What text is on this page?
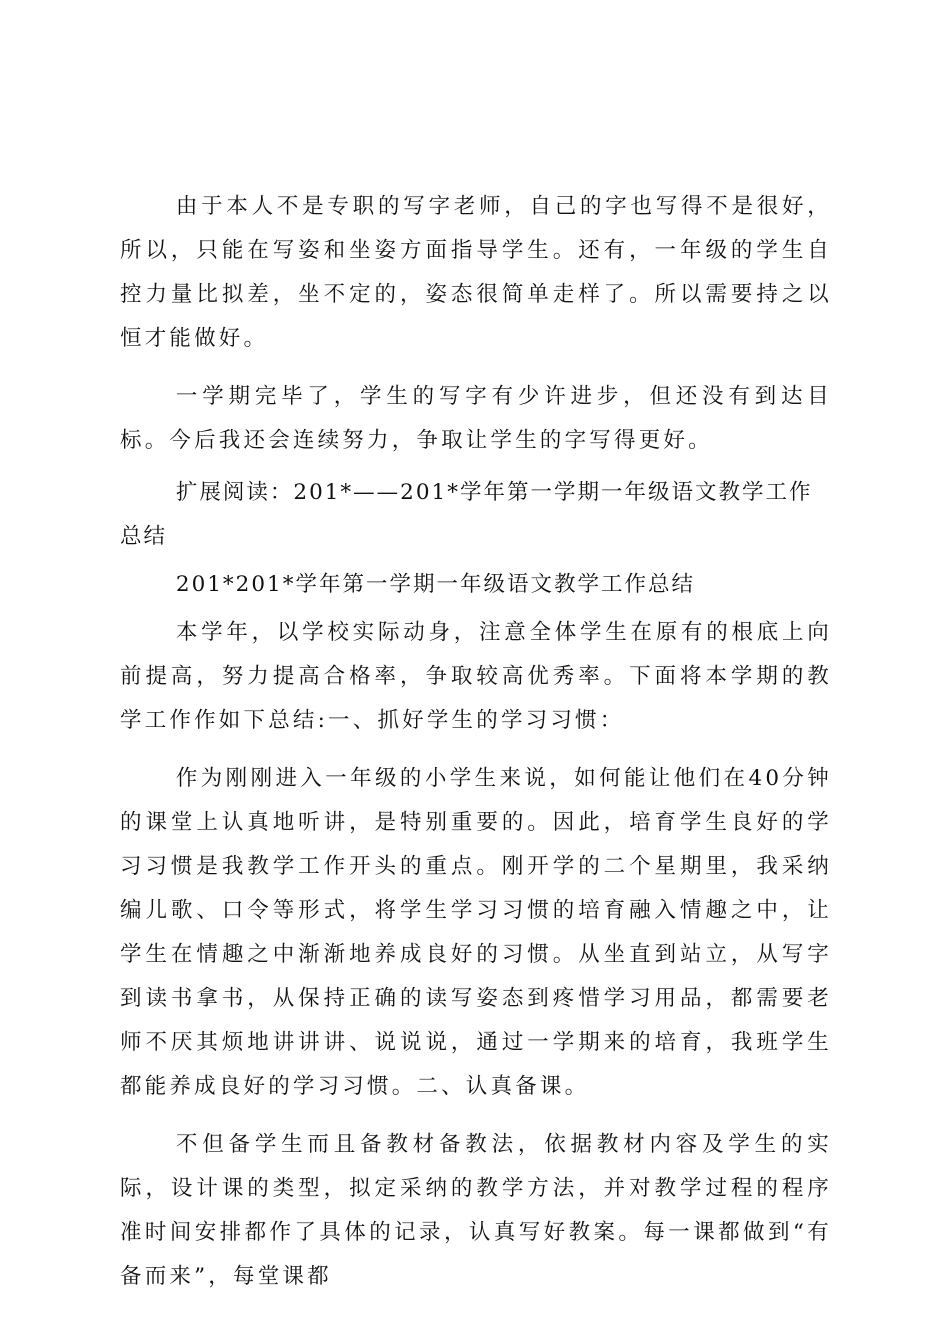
由于本人不是专职的写字老师，自己的字也写得不是很好，所以，只能在写姿和坐姿方面指导学生。还有，一年级的学生自控力量比拟差，坐不定的，姿态很简单走样了。所以需要持之以恒才能做好。

一学期完毕了，学生的写字有少许进步，但还没有到达目标。今后我还会连续努力，争取让学生的字写得更好。

扩展阅读：201*——201*学年第一学期一年级语文教学工作总结

201*201*学年第一学期一年级语文教学工作总结

本学年，以学校实际动身，注意全体学生在原有的根底上向前提高，努力提高合格率，争取较高优秀率。下面将本学期的教学工作作如下总结:一、抓好学生的学习习惯：

作为刚刚进入一年级的小学生来说，如何能让他们在40分钟的课堂上认真地听讲，是特别重要的。因此，培育学生良好的学习习惯是我教学工作开头的重点。刚开学的二个星期里，我采纳编儿歌、口令等形式，将学生学习习惯的培育融入情趣之中，让学生在情趣之中渐渐地养成良好的习惯。从坐直到站立，从写字到读书拿书，从保持正确的读写姿态到疼惜学习用品，都需要老师不厌其烦地讲讲讲、说说说，通过一学期来的培育，我班学生都能养成良好的学习习惯。二、认真备课。

不但备学生而且备教材备教法，依据教材内容及学生的实际，设计课的类型，拟定采纳的教学方法，并对教学过程的程序准时间安排都作了具体的记录，认真写好教案。每一课都做到“有备而来”，每堂课都
